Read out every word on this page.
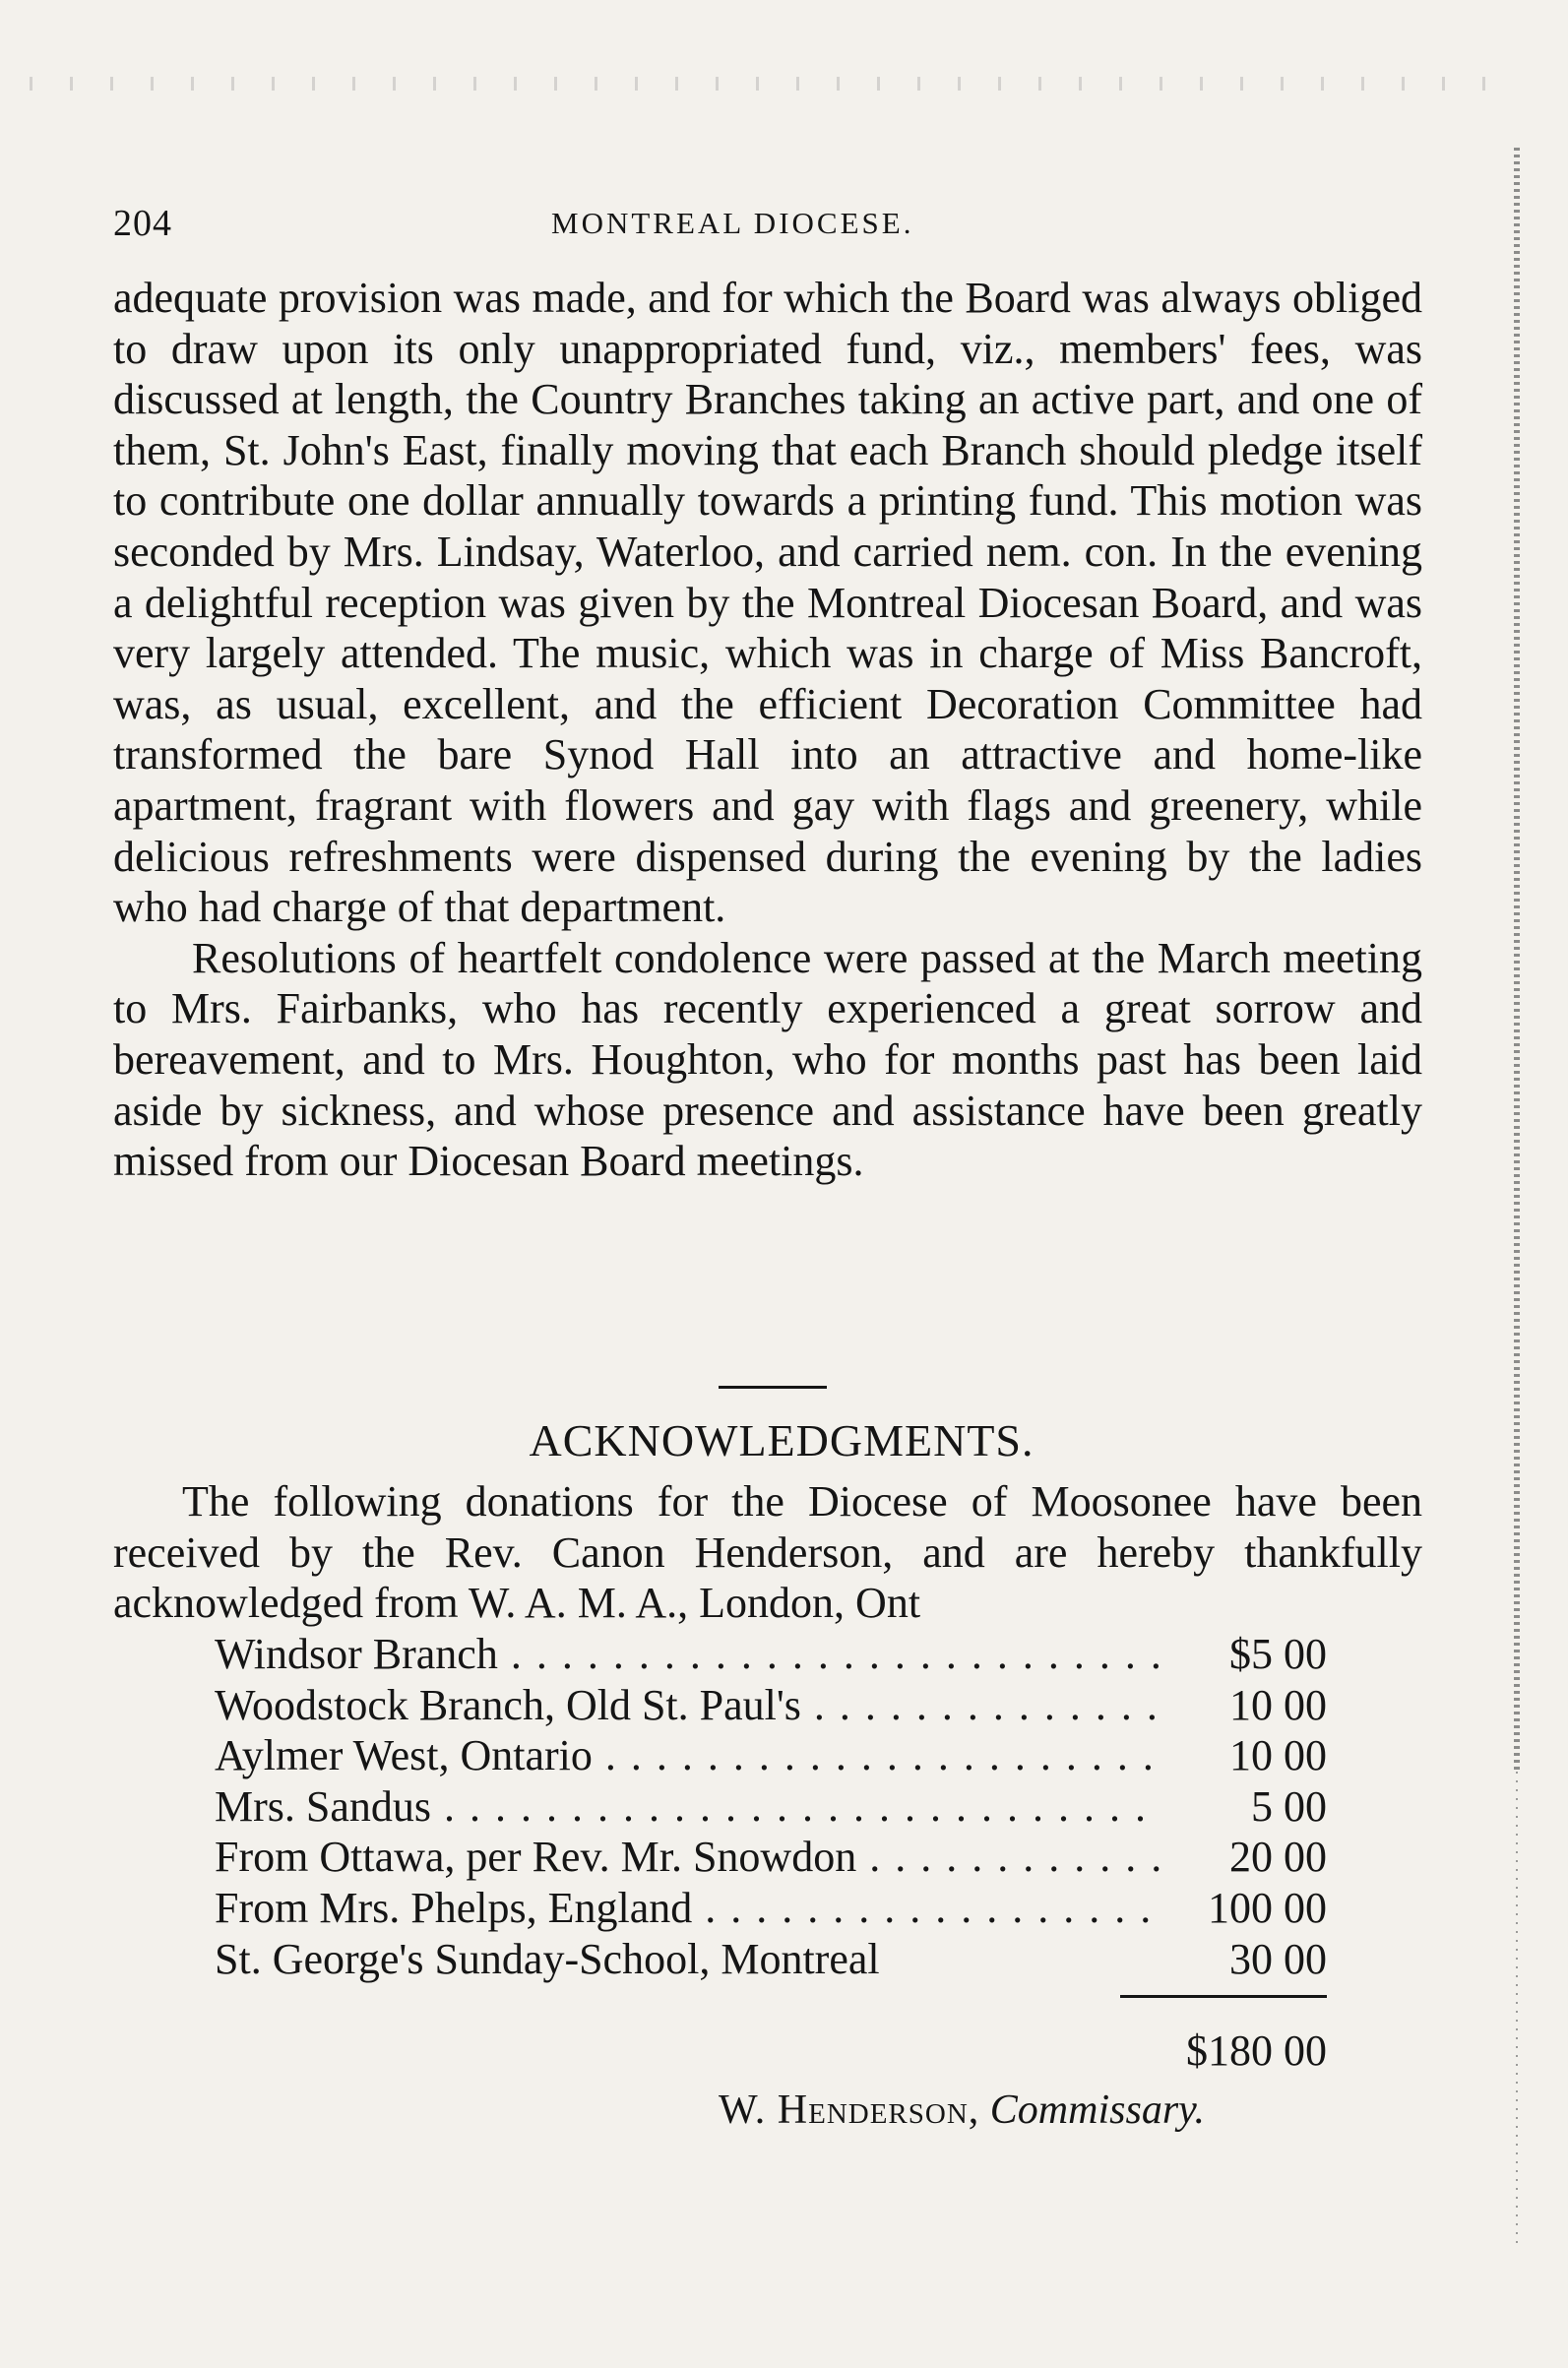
204	MONTREAL DIOCESE.

adequate provision was made, and for which the Board was always obliged to draw upon its only unappropriated fund, viz., members' fees, was discussed at length, the Country Branches taking an active part, and one of them, St. John's East, finally moving that each Branch should pledge itself to contribute one dollar annually towards a printing fund. This motion was seconded by Mrs. Lindsay, Waterloo, and carried nem. con. In the evening a delightful reception was given by the Montreal Diocesan Board, and was very largely attended. The music, which was in charge of Miss Bancroft, was, as usual, excellent, and the efficient Decoration Committee had transformed the bare Synod Hall into an attractive and home-like apartment, fragrant with flowers and gay with flags and greenery, while delicious refreshments were dispensed during the evening by the ladies who had charge of that department.

Resolutions of heartfelt condolence were passed at the March meeting to Mrs. Fairbanks, who has recently experienced a great sorrow and bereavement, and to Mrs. Houghton, who for months past has been laid aside by sickness, and whose presence and assistance have been greatly missed from our Diocesan Board meetings.

ACKNOWLEDGMENTS.

The following donations for the Diocese of Moosonee have been received by the Rev. Canon Henderson, and are hereby thankfully acknowledged from W. A. M. A., London, Ont

Windsor Branch . . .	$5 00
Woodstock Branch, Old St. Paul's . . .	10 00
Aylmer West, Ontario . . .	10 00
Mrs. Sandus . . .	5 00
From Ottawa, per Rev. Mr. Snowdon . . .	20 00
From Mrs. Phelps, England . . .	100 00
St. George's Sunday-School, Montreal	30 00
$180 00
W. Henderson, Commissary.
